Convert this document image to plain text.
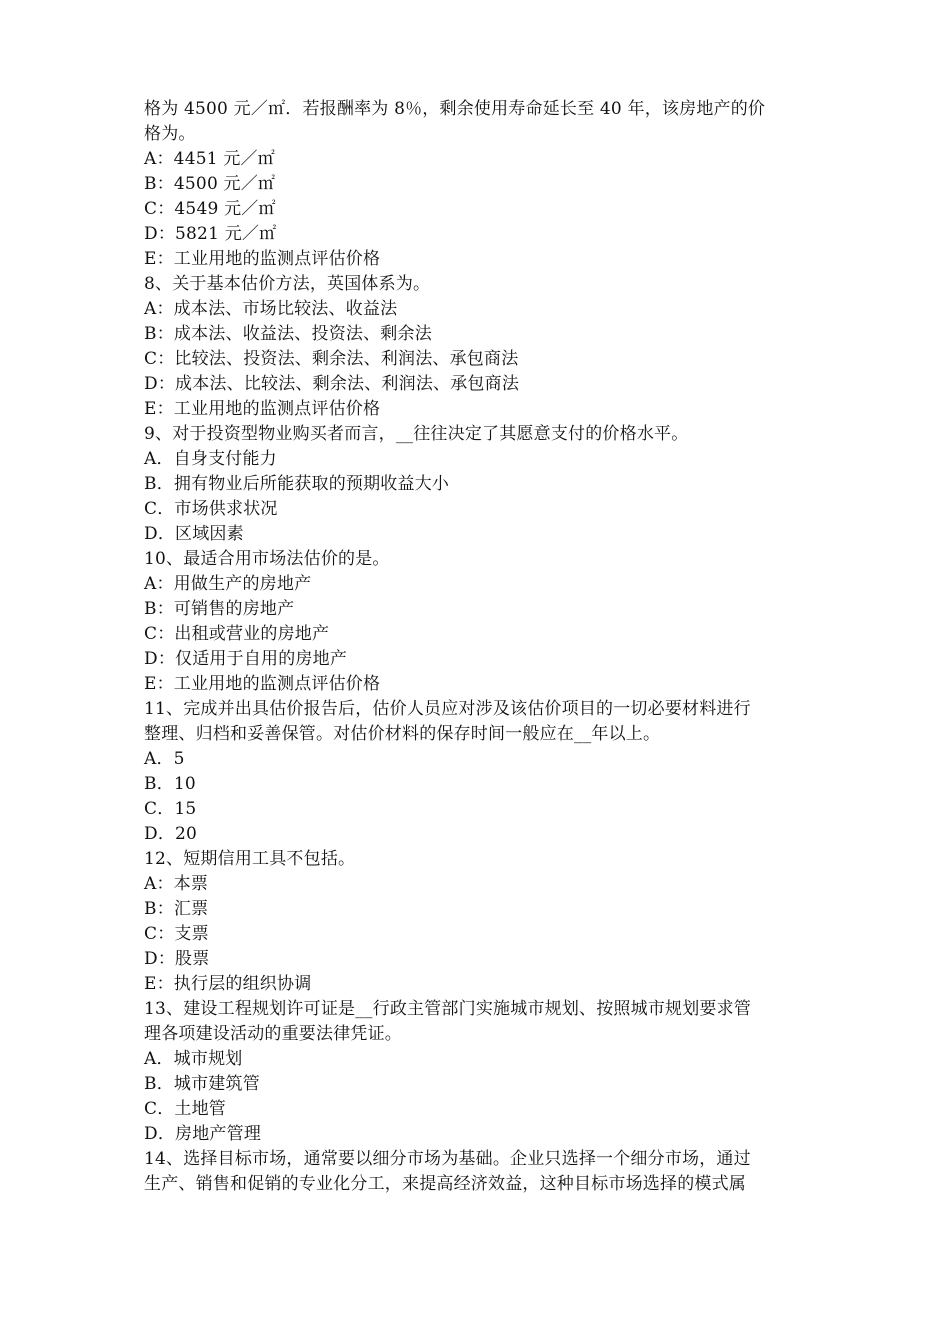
格为 4500 元／㎡．若报酬率为 8％，剩余使用寿命延长至 40 年，该房地产的价
格为。
A：4451 元／㎡
B：4500 元／㎡
C：4549 元／㎡
D：5821 元／㎡
E：工业用地的监测点评估价格
8、关于基本估价方法，英国体系为。
A：成本法、市场比较法、收益法
B：成本法、收益法、投资法、剩余法
C：比较法、投资法、剩余法、利润法、承包商法
D：成本法、比较法、剩余法、利润法、承包商法
E：工业用地的监测点评估价格
9、对于投资型物业购买者而言，__往往决定了其愿意支付的价格水平。
A．自身支付能力
B．拥有物业后所能获取的预期收益大小
C．市场供求状况
D．区域因素
10、最适合用市场法估价的是。
A：用做生产的房地产
B：可销售的房地产
C：出租或营业的房地产
D：仅适用于自用的房地产
E：工业用地的监测点评估价格
11、完成并出具估价报告后，估价人员应对涉及该估价项目的一切必要材料进行
整理、归档和妥善保管。对估价材料的保存时间一般应在__年以上。
A．5
B．10
C．15
D．20
12、短期信用工具不包括。
A：本票
B：汇票
C：支票
D：股票
E：执行层的组织协调
13、建设工程规划许可证是__行政主管部门实施城市规划、按照城市规划要求管
理各项建设活动的重要法律凭证。
A．城市规划
B．城市建筑管
C．土地管
D．房地产管理
14、选择目标市场，通常要以细分市场为基础。企业只选择一个细分市场，通过
生产、销售和促销的专业化分工，来提高经济效益，这种目标市场选择的模式属
